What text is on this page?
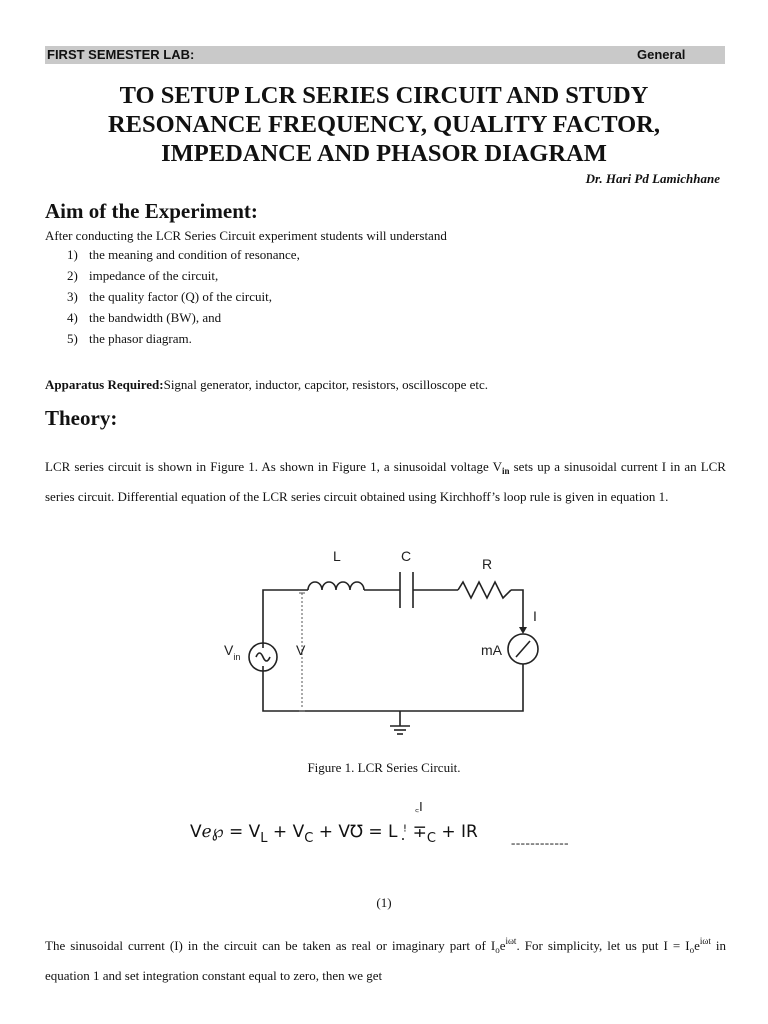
FIRST SEMESTER LAB:	General
TO SETUP LCR SERIES CIRCUIT AND STUDY
RESONANCE FREQUENCY, QUALITY FACTOR,
IMPEDANCE AND PHASOR DIAGRAM
Dr. Hari Pd Lamichhane
Aim of the Experiment:
After conducting the LCR Series Circuit experiment students will understand
1) the meaning and condition of resonance,
2) impedance of the circuit,
3) the quality factor (Q) of the circuit,
4) the bandwidth (BW), and
5) the phasor diagram.
Apparatus Required:Signal generator, inductor, capcitor, resistors, oscilloscope etc.
Theory:
LCR series circuit is shown in Figure 1. As shown in Figure 1, a sinusoidal voltage $V_{in}$ sets up a sinusoidal current I in an LCR series circuit. Differential equation of the LCR series circuit obtained using Kirchhoff’s loop rule is given in equation 1.
L	C	R
I
$V_{in}$	V	mA
Figure 1. LCR Series Circuit.
꜀I
Vℯ℘ = $V_L + V_C$ + V℧ = L ꜝ̣ $\mp_C$ + IR
------------
(1)
The sinusoidal current (I) in the circuit can be taken as real or imaginary part of $I_oe^{i\omega t}$. For simplicity, let us put $I = I_oe^{i\omega t}$ in equation 1 and set integration constant equal to zero, then we get
